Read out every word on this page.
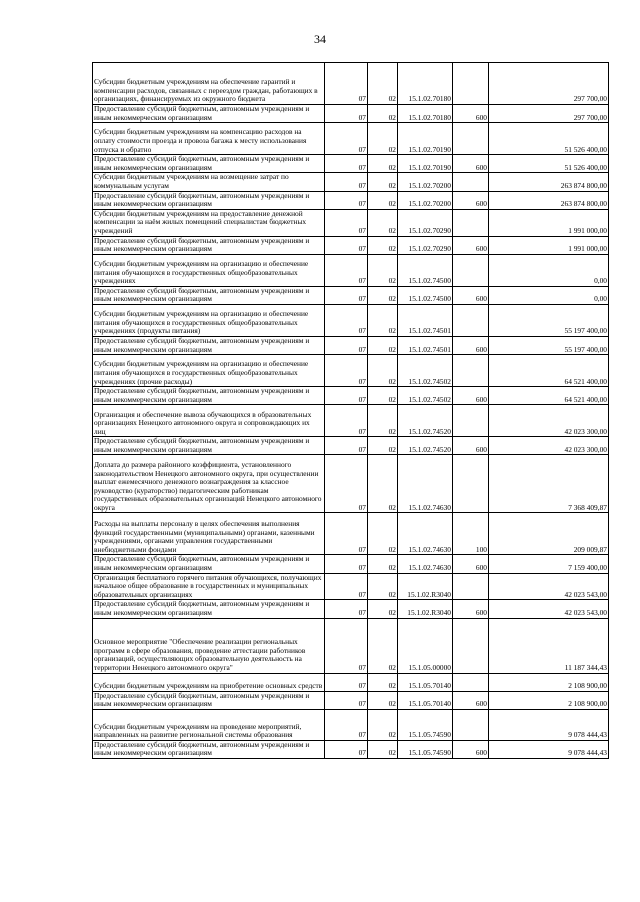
34
Субсидии бюджетным учреждениям на обеспечение гарантий и компенсации расходов, связанных с переездом граждан, работающих в организациях, финансируемых из окружного бюджета	07	02	15.1.02.70180		297 700,00

Предоставление субсидий бюджетным, автономным учреждениям и иным некоммерческим организациям	07	02	15.1.02.70180	600	297 700,00

Субсидии бюджетным учреждениям на компенсацию расходов на оплату стоимости проезда и провоза багажа к месту использования отпуска и обратно	07	02	15.1.02.70190		51 526 400,00

Предоставление субсидий бюджетным, автономным учреждениям и иным некоммерческим организациям	07	02	15.1.02.70190	600	51 526 400,00

Субсидии бюджетным учреждениям на возмещение затрат по коммунальным услугам	07	02	15.1.02.70200		263 874 800,00

Предоставление субсидий бюджетным, автономным учреждениям и иным некоммерческим организациям	07	02	15.1.02.70200	600	263 874 800,00

Субсидии бюджетным учреждениям на предоставление денежной компенсации за наём жилых помещений специалистам бюджетных учреждений	07	02	15.1.02.70290		1 991 000,00

Предоставление субсидий бюджетным, автономным учреждениям и иным некоммерческим организациям	07	02	15.1.02.70290	600	1 991 000,00

Субсидии бюджетным учреждениям на организацию и обеспечение питания обучающихся в государственных общеобразовательных учреждениях	07	02	15.1.02.74500		0,00

Предоставление субсидий бюджетным, автономным учреждениям и иным некоммерческим организациям	07	02	15.1.02.74500	600	0,00

Субсидии бюджетным учреждениям на организацию и обеспечение питания обучающихся в государственных общеобразовательных учреждениях (продукты питания)	07	02	15.1.02.74501		55 197 400,00

Предоставление субсидий бюджетным, автономным учреждениям и иным некоммерческим организациям	07	02	15.1.02.74501	600	55 197 400,00

Субсидии бюджетным учреждениям на организацию и обеспечение питания обучающихся в государственных общеобразовательных учреждениях (прочие расходы)	07	02	15.1.02.74502		64 521 400,00

Предоставление субсидий бюджетным, автономным учреждениям и иным некоммерческим организациям	07	02	15.1.02.74502	600	64 521 400,00

Организация и обеспечение вывоза обучающихся в образовательных организациях Ненецкого автономного округа и сопровождающих их лиц	07	02	15.1.02.74520		42 023 300,00

Предоставление субсидий бюджетным, автономным учреждениям и иным некоммерческим организациям	07	02	15.1.02.74520	600	42 023 300,00

Доплата до размера районного коэффициента, установленного законодательством Ненецкого автономного округа, при осуществлении выплат ежемесячного денежного вознаграждения за классное руководство (кураторство) педагогическим работникам государственных образовательных организаций Ненецкого автономного округа	07	02	15.1.02.74630		7 368 409,87

Расходы на выплаты персоналу в целях обеспечения выполнения функций государственными (муниципальными) органами, казенными учреждениями, органами управления государственными внебюджетными фондами	07	02	15.1.02.74630	100	209 009,87

Предоставление субсидий бюджетным, автономным учреждениям и иным некоммерческим организациям	07	02	15.1.02.74630	600	7 159 400,00

Организация бесплатного горячего питания обучающихся, получающих начальное общее образование в государственных и муниципальных образовательных организациях	07	02	15.1.02.R3040		42 023 543,00

Предоставление субсидий бюджетным, автономным учреждениям и иным некоммерческим организациям	07	02	15.1.02.R3040	600	42 023 543,00

Основное мероприятие "Обеспечение реализации региональных программ в сфере образования, проведение аттестации работников организаций, осуществляющих образовательную деятельность на территории Ненецкого автономного округа"	07	02	15.1.05.00000		11 187 344,43

Субсидии бюджетным учреждениям на приобретение основных средств	07	02	15.1.05.70140		2 108 900,00

Предоставление субсидий бюджетным, автономным учреждениям и иным некоммерческим организациям	07	02	15.1.05.70140	600	2 108 900,00

Субсидии бюджетным учреждениям на проведение мероприятий, направленных на развитие региональной системы образования	07	02	15.1.05.74590		9 078 444,43

Предоставление субсидий бюджетным, автономным учреждениям и иным некоммерческим организациям	07	02	15.1.05.74590	600	9 078 444,43
